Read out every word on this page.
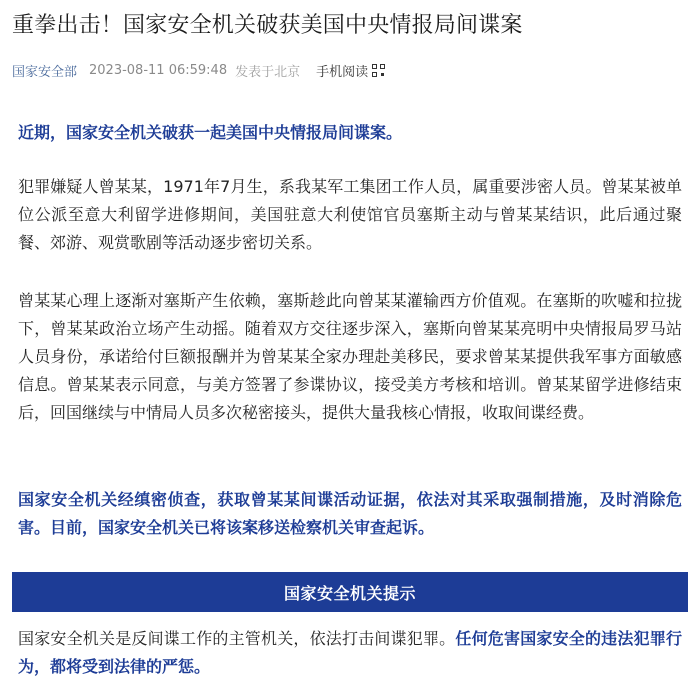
重拳出击！国家安全机关破获美国中央情报局间谍案
国家安全部 2023-08-11 06:59:48 发表于北京 手机阅读

近期，国家安全机关破获一起美国中央情报局间谍案。

犯罪嫌疑人曾某某，1971年7月生，系我某军工集团工作人员，属重要涉密人员。曾某某被单位公派至意大利留学进修期间，美国驻意大利使馆官员塞斯主动与曾某某结识，此后通过聚餐、郊游、观赏歌剧等活动逐步密切关系。

曾某某心理上逐渐对塞斯产生依赖，塞斯趁此向曾某某灌输西方价值观。在塞斯的吹嘘和拉拢下，曾某某政治立场产生动摇。随着双方交往逐步深入，塞斯向曾某某亮明中央情报局罗马站人员身份，承诺给付巨额报酬并为曾某某全家办理赴美移民，要求曾某某提供我军事方面敏感信息。曾某某表示同意，与美方签署了参谍协议，接受美方考核和培训。曾某某留学进修结束后，回国继续与中情局人员多次秘密接头，提供大量我核心情报，收取间谍经费。

国家安全机关经缜密侦查，获取曾某某间谍活动证据，依法对其采取强制措施，及时消除危害。目前，国家安全机关已将该案移送检察机关审查起诉。

国家安全机关提示

国家安全机关是反间谍工作的主管机关，依法打击间谍犯罪。任何危害国家安全的违法犯罪行为，都将受到法律的严惩。
